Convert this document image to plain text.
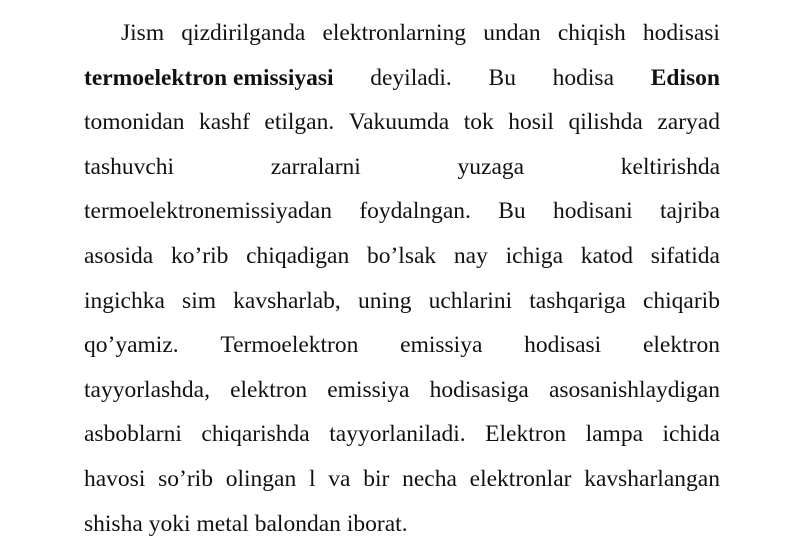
Jism qizdirilganda elektronlarning undan chiqish hodisasi
termoelektron emissiyasi deyiladi. Bu hodisa Edison
tomonidan kashf etilgan. Vakuumda tok hosil qilishda zaryad
tashuvchi	zarralarni	yuzaga	keltirishda
termoelektronemissiyadan foydalngan. Bu hodisani tajriba
asosida ko’rib chiqadigan bo’lsak nay ichiga katod sifatida
ingichka sim kavsharlab, uning uchlarini tashqariga chiqarib
qo’yamiz. Termoelektron emissiya hodisasi elektron
tayyorlashda, elektron emissiya hodisasiga asosanishlaydigan
asboblarni chiqarishda tayyorlaniladi. Elektron lampa ichida
havosi so’rib olingan l va bir necha elektronlar kavsharlangan
shisha yoki metal balondan iborat.
